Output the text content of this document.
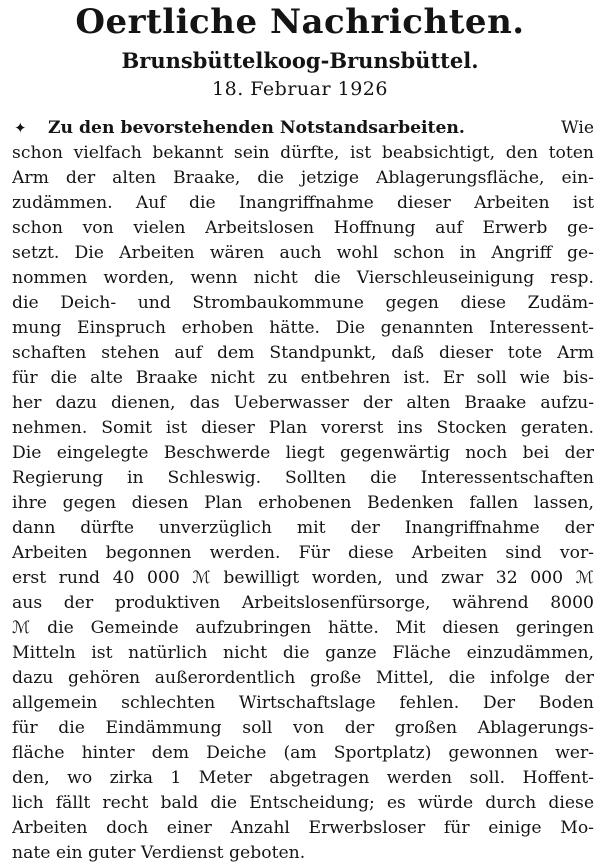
Oertliche Nachrichten.
Brunsbüttelkoog-Brunsbüttel.
18. Februar 1926
✦	Zu den bevorstehenden Notstandsarbeiten.	Wie
schon vielfach bekannt sein dürfte, ist beabsichtigt, den toten
Arm der alten Braake, die jetzige Ablagerungsfläche, ein-
zudämmen. Auf die Inangriffnahme dieser Arbeiten ist
schon von vielen Arbeitslosen Hoffnung auf Erwerb ge-
setzt. Die Arbeiten wären auch wohl schon in Angriff ge-
nommen worden, wenn nicht die Vierschleuseinigung resp.
die Deich- und Strombaukommune gegen diese Zudäm-
mung Einspruch erhoben hätte. Die genannten Interessent-
schaften stehen auf dem Standpunkt, daß dieser tote Arm
für die alte Braake nicht zu entbehren ist. Er soll wie bis-
her dazu dienen, das Ueberwasser der alten Braake aufzu-
nehmen. Somit ist dieser Plan vorerst ins Stocken geraten.
Die eingelegte Beschwerde liegt gegenwärtig noch bei der
Regierung in Schleswig. Sollten die Interessentschaften
ihre gegen diesen Plan erhobenen Bedenken fallen lassen,
dann dürfte unverzüglich mit der Inangriffnahme der
Arbeiten begonnen werden. Für diese Arbeiten sind vor-
erst rund 40 000 ℳ bewilligt worden, und zwar 32 000 ℳ
aus der produktiven Arbeitslosenfürsorge, während 8000
ℳ die Gemeinde aufzubringen hätte. Mit diesen geringen
Mitteln ist natürlich nicht die ganze Fläche einzudämmen,
dazu gehören außerordentlich große Mittel, die infolge der
allgemein schlechten Wirtschaftslage fehlen. Der Boden
für die Eindämmung soll von der großen Ablagerungs-
fläche hinter dem Deiche (am Sportplatz) gewonnen wer-
den, wo zirka 1 Meter abgetragen werden soll. Hoffent-
lich fällt recht bald die Entscheidung; es würde durch diese
Arbeiten doch einer Anzahl Erwerbsloser für einige Mo-
nate ein guter Verdienst geboten.
